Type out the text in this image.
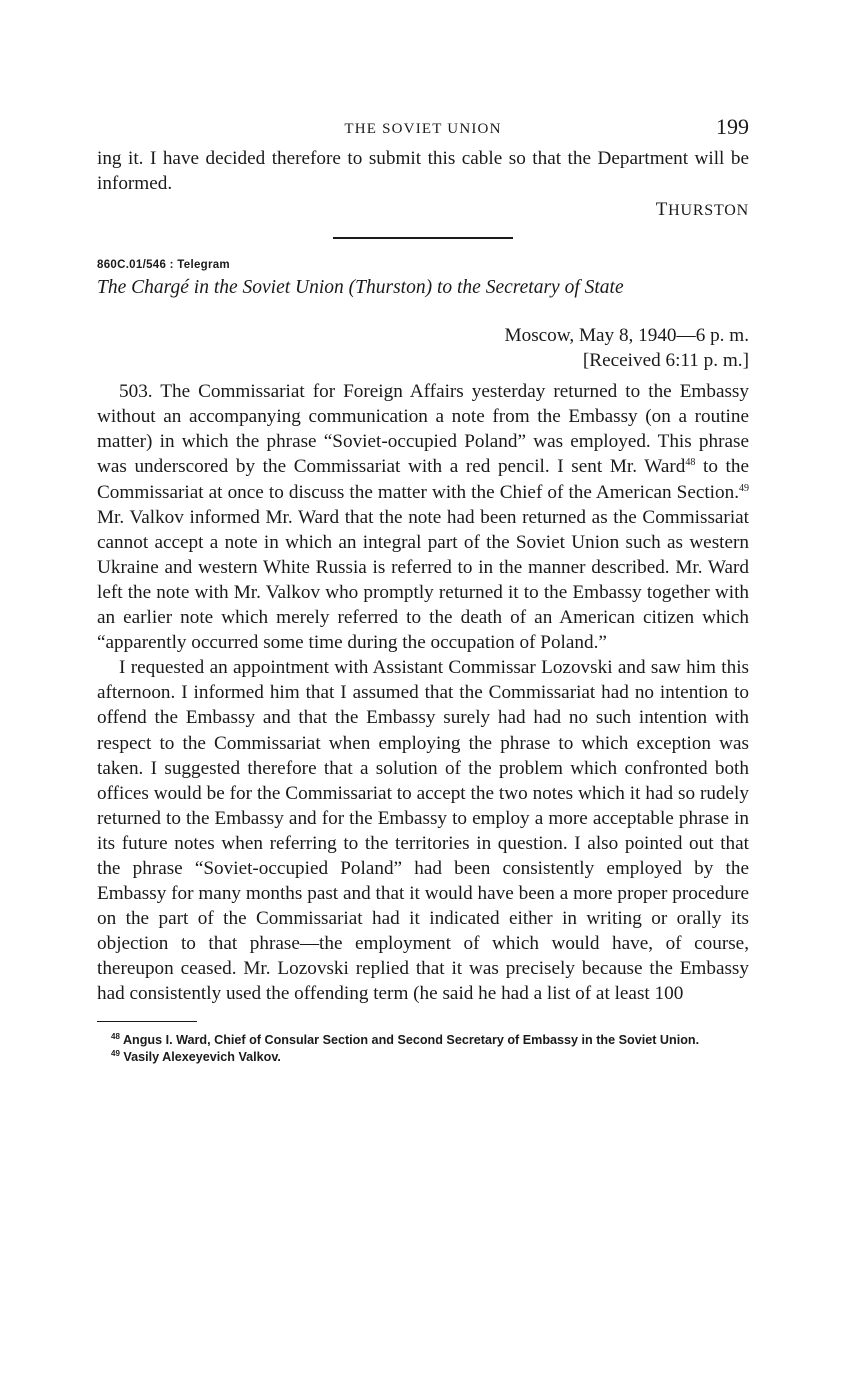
THE SOVIET UNION	199

ing it. I have decided therefore to submit this cable so that the Department will be informed.

THURSTON
860C.01/546 : Telegram
The Chargé in the Soviet Union (Thurston) to the Secretary of State
Moscow, May 8, 1940—6 p. m.
[Received 6:11 p. m.]

503. The Commissariat for Foreign Affairs yesterday returned to the Embassy without an accompanying communication a note from the Embassy (on a routine matter) in which the phrase “Soviet-occupied Poland” was employed. This phrase was underscored by the Commissariat with a red pencil. I sent Mr. Ward$^{48}$ to the Commissariat at once to discuss the matter with the Chief of the American Section.$^{49}$ Mr. Valkov informed Mr. Ward that the note had been returned as the Commissariat cannot accept a note in which an integral part of the Soviet Union such as western Ukraine and western White Russia is referred to in the manner described. Mr. Ward left the note with Mr. Valkov who promptly returned it to the Embassy together with an earlier note which merely referred to the death of an American citizen which “apparently occurred some time during the occupation of Poland.”

I requested an appointment with Assistant Commissar Lozovski and saw him this afternoon. I informed him that I assumed that the Commissariat had no intention to offend the Embassy and that the Embassy surely had had no such intention with respect to the Commissariat when employing the phrase to which exception was taken. I suggested therefore that a solution of the problem which confronted both offices would be for the Commissariat to accept the two notes which it had so rudely returned to the Embassy and for the Embassy to employ a more acceptable phrase in its future notes when referring to the territories in question. I also pointed out that the phrase “Soviet-occupied Poland” had been consistently employed by the Embassy for many months past and that it would have been a more proper procedure on the part of the Commissariat had it indicated either in writing or orally its objection to that phrase—the employment of which would have, of course, thereupon ceased. Mr. Lozovski replied that it was precisely because the Embassy had consistently used the offending term (he said he had a list of at least 100

$^{48}$ Angus I. Ward, Chief of Consular Section and Second Secretary of Embassy in the Soviet Union.

$^{49}$ Vasily Alexeyevich Valkov.
